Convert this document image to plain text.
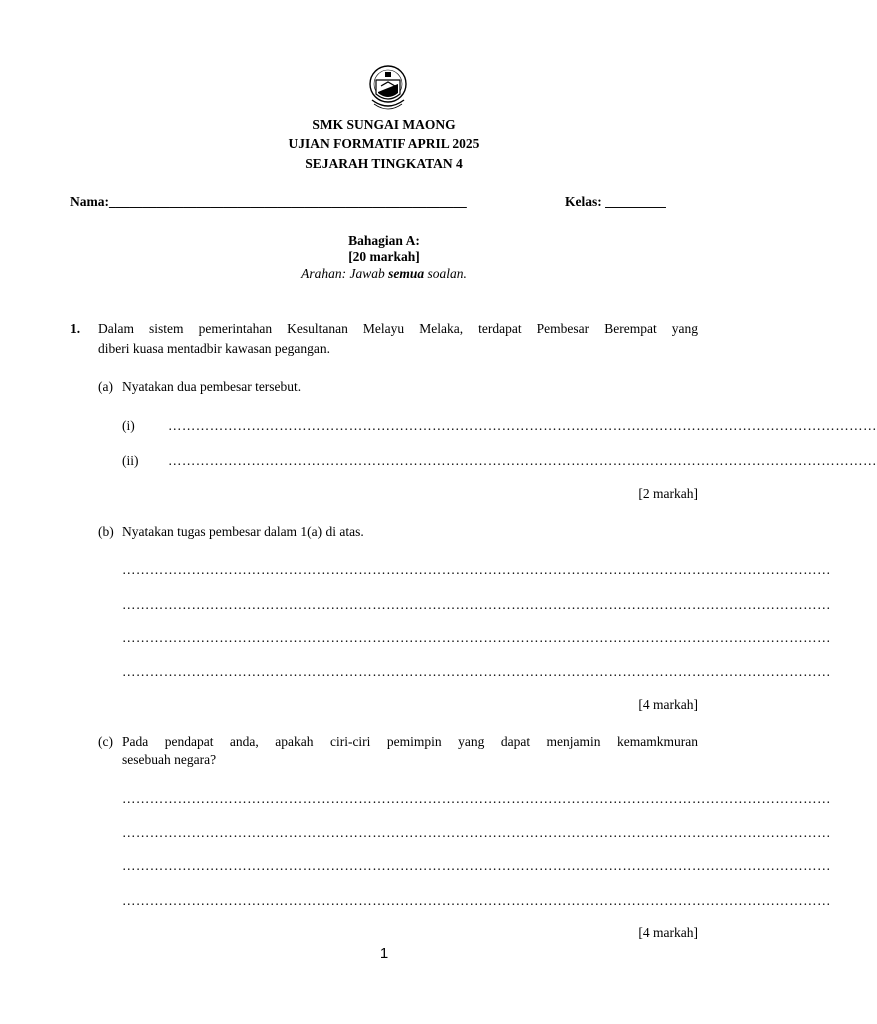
SMK SUNGAI MAONG
UJIAN FORMATIF APRIL 2025
SEJARAH TINGKATAN 4
Nama:_____________________________________________________	Kelas: _________
Bahagian A:
[20 markah]
Arahan: Jawab semua soalan.
1. Dalam sistem pemerintahan Kesultanan Melayu Melaka, terdapat Pembesar Berempat yang
diberi kuasa mentadbir kawasan pegangan.
(a) Nyatakan dua pembesar tersebut.
(i) ………………………………………………………………………………………………………………………………………
(ii) ………………………………………………………………………………………………………………………………………
[2 markah]
(b) Nyatakan tugas pembesar dalam 1(a) di atas.
………………………………………………………………………………………………………………………………………
………………………………………………………………………………………………………………………………………
………………………………………………………………………………………………………………………………………
………………………………………………………………………………………………………………………………………
[4 markah]
(c) Pada pendapat anda, apakah ciri-ciri pemimpin yang dapat menjamin kemamkmuran
sesebuah negara?
………………………………………………………………………………………………………………………………………
………………………………………………………………………………………………………………………………………
………………………………………………………………………………………………………………………………………
………………………………………………………………………………………………………………………………………
[4 markah]
1
